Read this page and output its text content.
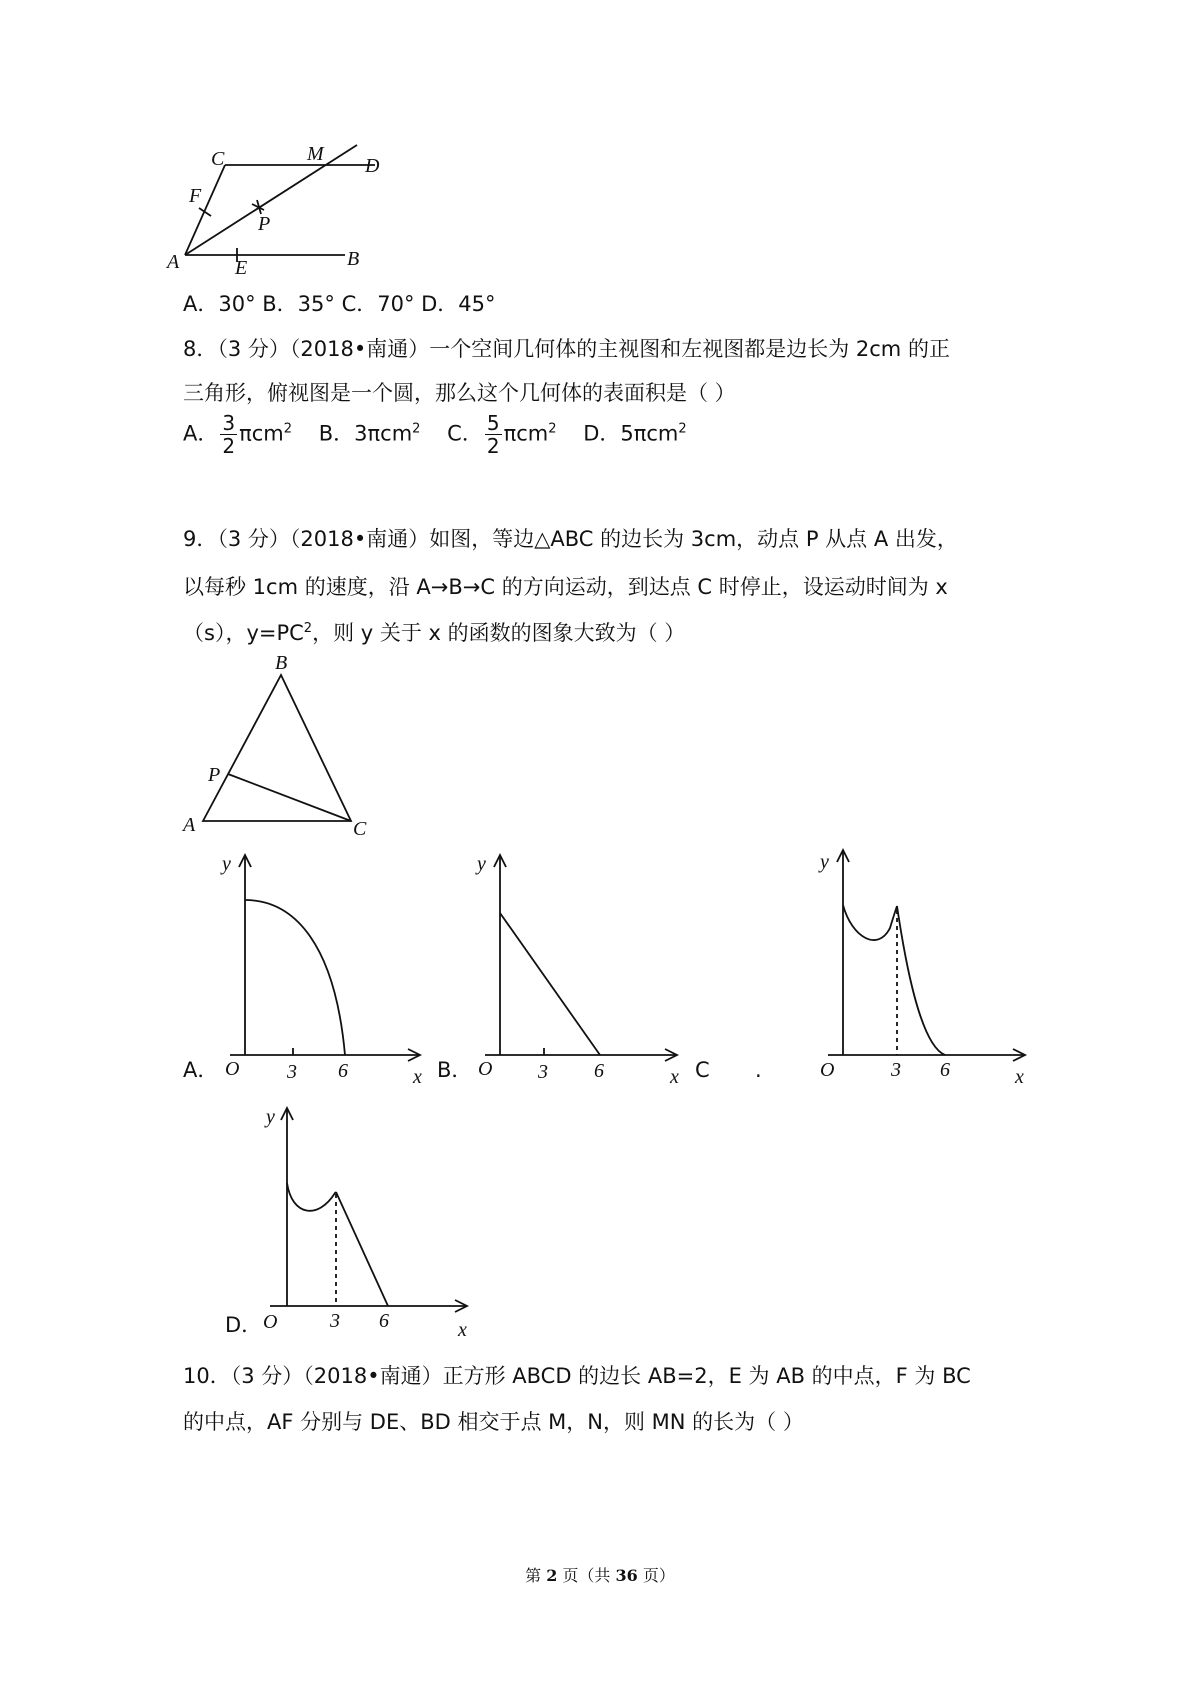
C	M
D
F
P
A	E	B
A．30° B．35° C．70° D．45°
8．（3 分）（2018•南通）一个空间几何体的主视图和左视图都是边长为 2cm 的正
三角形，俯视图是一个圆，那么这个几何体的表面积是（ ）
A． $\frac{3}{2} \pi cm^2$ B．3πcm$^2$ C． $\frac{5}{2} \pi cm^2$ D．5πcm$^2$
9．（3 分）（2018•南通）如图，等边△ABC 的边长为 3cm，动点 P 从点 A 出发，
以每秒 1cm 的速度，沿 A→B→C 的方向运动，到达点 C 时停止，设运动时间为 x
（s），$y=PC^2$，则 y 关于 x 的函数的图象大致为（ ）
B
P
A	C
A．
y
O 3 6	x B．
y
O 3 6	x C .
y
O	3 6	x
D．
y
O	3 6	x
10．（3 分）（2018•南通）正方形 ABCD 的边长 AB=2，E 为 AB 的中点，F 为 BC
的中点，AF 分别与 DE、BD 相交于点 M，N，则 MN 的长为（ ）
第 2 页（共 36 页）
